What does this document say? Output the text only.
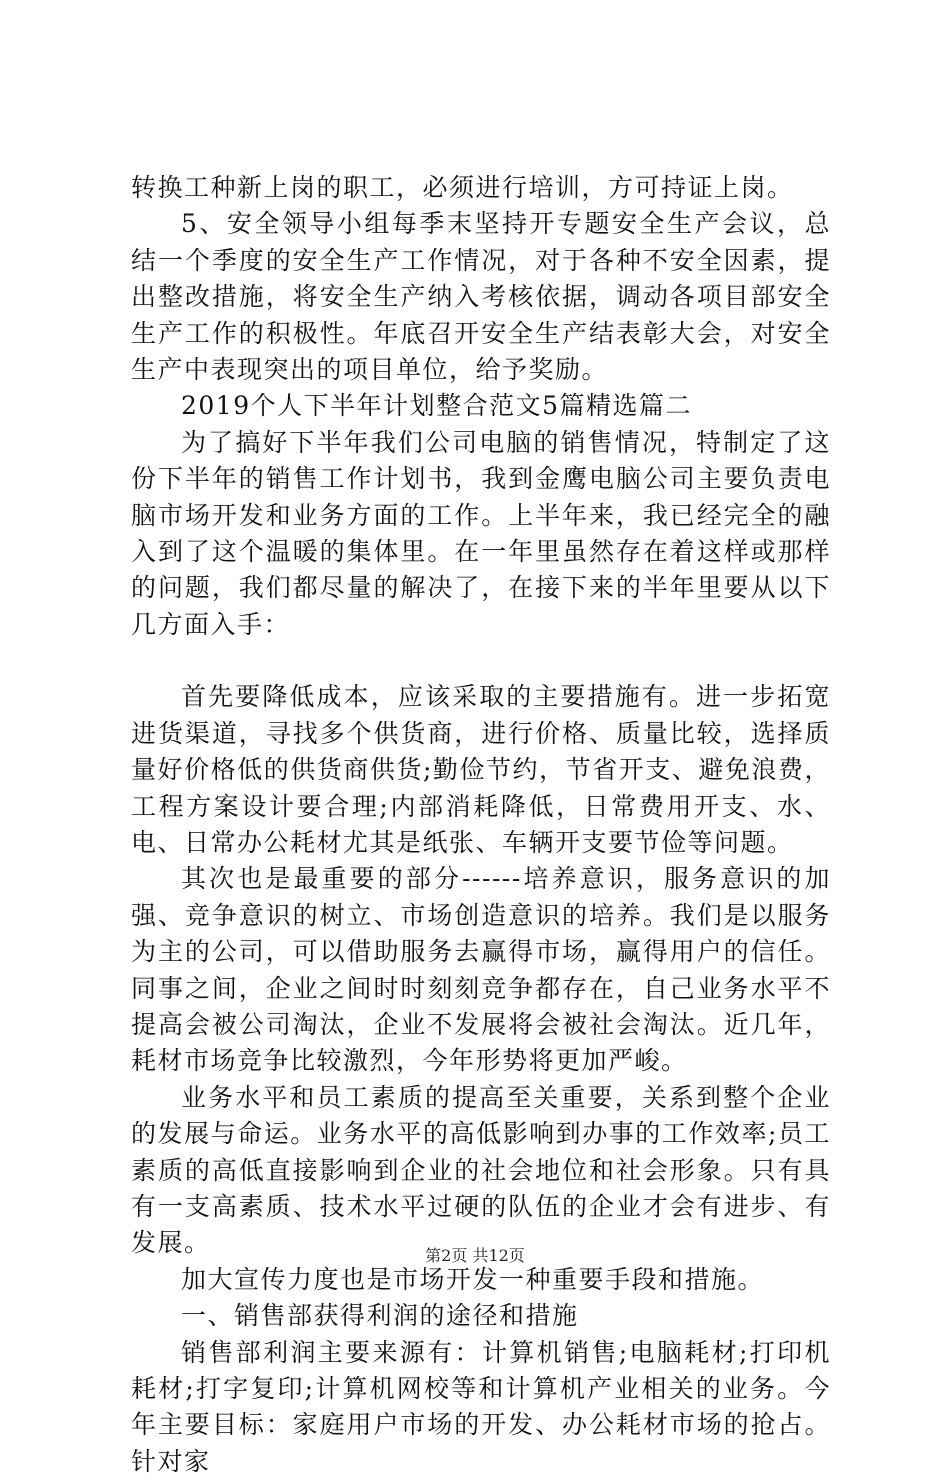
转换工种新上岗的职工，必须进行培训，方可持证上岗。

5、安全领导小组每季末坚持开专题安全生产会议，总结一个季度的安全生产工作情况，对于各种不安全因素，提出整改措施，将安全生产纳入考核依据，调动各项目部安全生产工作的积极性。年底召开安全生产结表彰大会，对安全生产中表现突出的项目单位，给予奖励。

2019个人下半年计划整合范文5篇精选篇二

为了搞好下半年我们公司电脑的销售情况，特制定了这份下半年的销售工作计划书，我到金鹰电脑公司主要负责电脑市场开发和业务方面的工作。上半年来，我已经完全的融入到了这个温暖的集体里。在一年里虽然存在着这样或那样的问题，我们都尽量的解决了，在接下来的半年里要从以下几方面入手：

首先要降低成本，应该采取的主要措施有。进一步拓宽进货渠道，寻找多个供货商，进行价格、质量比较，选择质量好价格低的供货商供货;勤俭节约，节省开支、避免浪费，工程方案设计要合理;内部消耗降低，日常费用开支、水、电、日常办公耗材尤其是纸张、车辆开支要节俭等问题。

其次也是最重要的部分------培养意识，服务意识的加强、竞争意识的树立、市场创造意识的培养。我们是以服务为主的公司，可以借助服务去赢得市场，赢得用户的信任。同事之间，企业之间时时刻刻竞争都存在，自己业务水平不提高会被公司淘汰，企业不发展将会被社会淘汰。近几年，耗材市场竞争比较激烈，今年形势将更加严峻。

业务水平和员工素质的提高至关重要，关系到整个企业的发展与命运。业务水平的高低影响到办事的工作效率;员工素质的高低直接影响到企业的社会地位和社会形象。只有具有一支高素质、技术水平过硬的队伍的企业才会有进步、有发展。

加大宣传力度也是市场开发一种重要手段和措施。

一、销售部获得利润的途径和措施

销售部利润主要来源有：计算机销售;电脑耗材;打印机耗材;打字复印;计算机网校等和计算机产业相关的业务。今年主要目标：家庭用户市场的开发、办公耗材市场的抢占。针对家

第2页 共12页
